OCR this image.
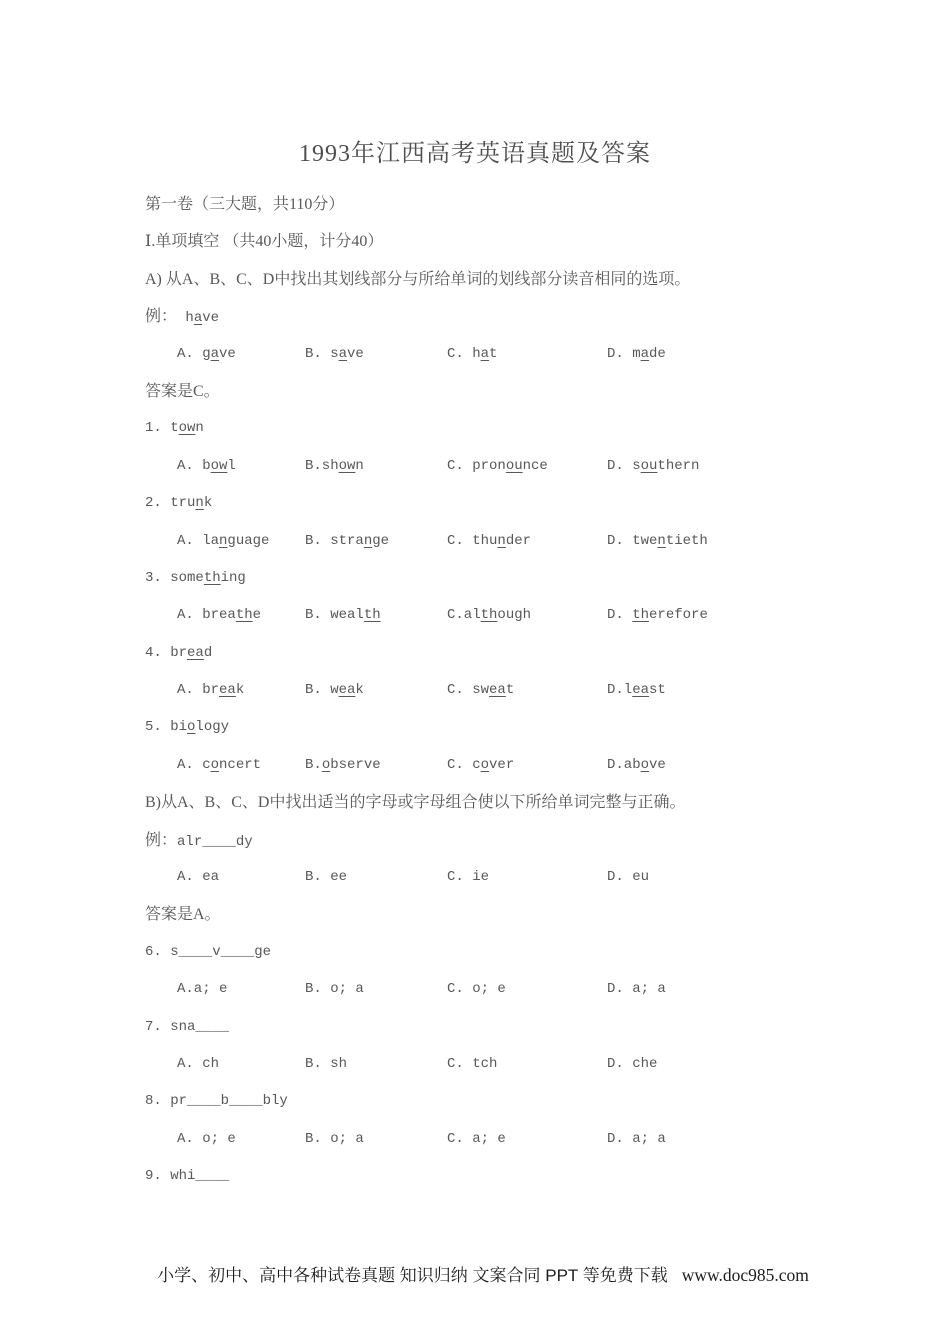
1993年江西高考英语真题及答案
第一卷（三大题，共110分）
Ⅰ.单项填空 （共40小题，计分40）
A) 从A、B、C、D中找出其划线部分与所给单词的划线部分读音相同的选项。
例： have
A. gave	B. save	C. hat	D. made
答案是C。
1. town
A. bowl	B.shown	C. pronounce	D. southern
2. trunk
A. language	B. strange	C. thunder	D. twentieth
3. something
A. breathe	B. wealth	C.although	D. therefore
4. bread
A. break	B. weak	C. sweat	D.least
5. biology
A. concert	B.observe	C. cover	D.above
B)从A、B、C、D中找出适当的字母或字母组合使以下所给单词完整与正确。
例：alr____dy
A. ea	B. ee	C. ie	D. eu
答案是A。
6. s____v____ge
A.a; e	B. o; a	C. o; e	D. a; a
7. sna____
A. ch	B. sh	C. tch	D. che
8. pr____b____bly
A. o; e	B. o; a	C. a; e	D. a; a
9. whi____

小学、初中、高中各种试卷真题 知识归纳 文案合同 PPT 等免费下载 www.doc985.com
